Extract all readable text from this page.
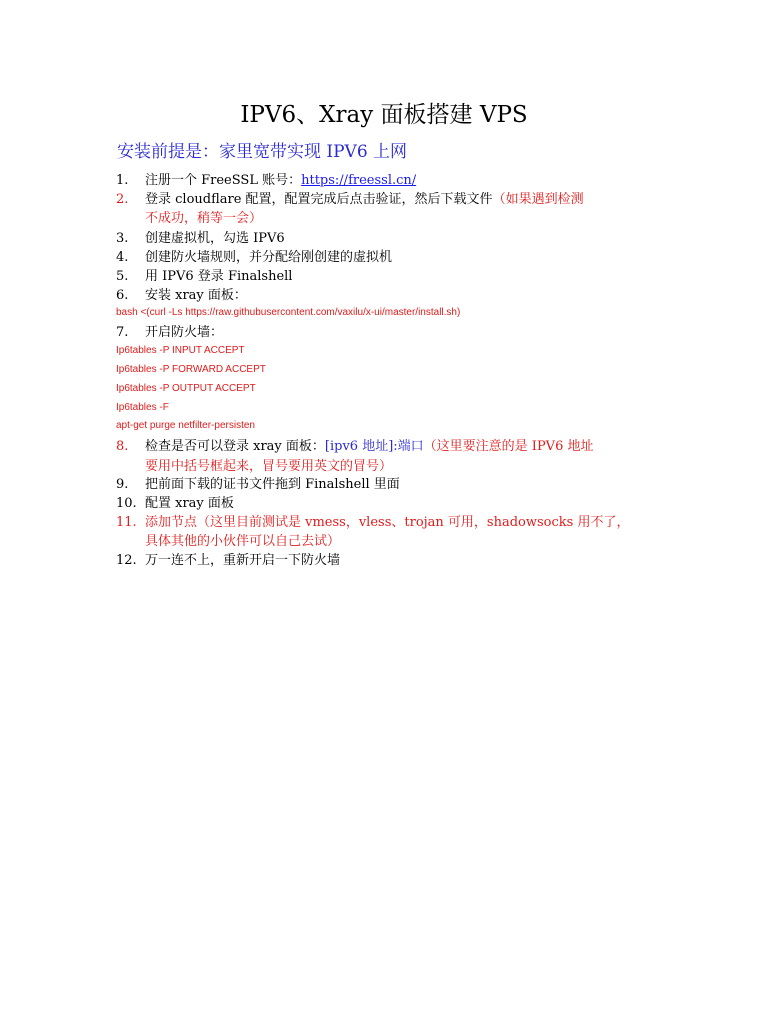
IPV6、Xray 面板搭建 VPS
安装前提是：家里宽带实现 IPV6 上网
1. 注册一个 FreeSSL 账号：https://freessl.cn/
2. 登录 cloudflare 配置，配置完成后点击验证，然后下载文件（如果遇到检测
不成功，稍等一会）
3. 创建虚拟机，勾选 IPV6
4. 创建防火墙规则，并分配给刚创建的虚拟机
5. 用 IPV6 登录 Finalshell
6. 安装 xray 面板：
bash <(curl -Ls https://raw.githubusercontent.com/vaxilu/x-ui/master/install.sh)
7. 开启防火墙：
Ip6tables -P INPUT ACCEPT
Ip6tables -P FORWARD ACCEPT
Ip6tables -P OUTPUT ACCEPT
Ip6tables -F
apt-get purge netfilter-persisten
8. 检查是否可以登录 xray 面板：[ipv6 地址]:端口（这里要注意的是 IPV6 地址
要用中括号框起来，冒号要用英文的冒号）
9. 把前面下载的证书文件拖到 Finalshell 里面
10. 配置 xray 面板
11. 添加节点（这里目前测试是 vmess，vless、trojan 可用，shadowsocks 用不了，
具体其他的小伙伴可以自己去试）
12. 万一连不上，重新开启一下防火墙
